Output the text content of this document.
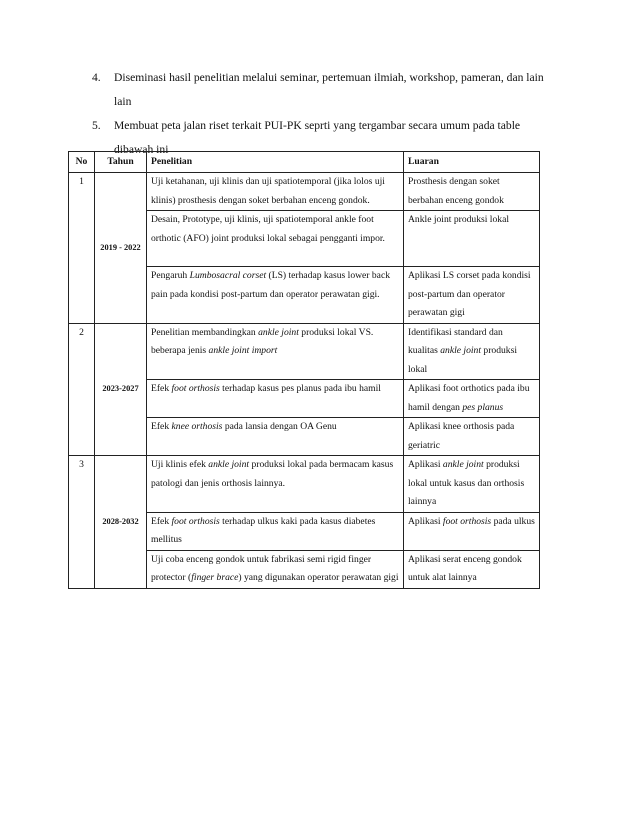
4.	Diseminasi hasil penelitian melalui seminar, pertemuan ilmiah, workshop, pameran, dan lain lain
5.	Membuat peta jalan riset terkait PUI-PK seprti yang tergambar secara umum pada table dibawah ini
No	Tahun	Penelitian	Luaran
1	2019 - 2022	Uji ketahanan, uji klinis dan uji spatiotemporal (jika lolos uji klinis) prosthesis dengan soket berbahan enceng gondok.	Prosthesis dengan soket berbahan enceng gondok
		Desain, Prototype, uji klinis, uji spatiotemporal ankle foot orthotic (AFO) joint produksi lokal sebagai pengganti impor.	Ankle joint produksi lokal
		Pengaruh Lumbosacral corset (LS) terhadap kasus lower back pain pada kondisi post-partum dan operator perawatan gigi.	Aplikasi LS corset pada kondisi post-partum dan operator perawatan gigi
2	2023-2027	Penelitian membandingkan ankle joint produksi lokal VS. beberapa jenis ankle joint import	Identifikasi standard dan kualitas ankle joint produksi lokal
		Efek foot orthosis terhadap kasus pes planus pada ibu hamil	Aplikasi foot orthotics pada ibu hamil dengan pes planus
		Efek knee orthosis pada lansia dengan OA Genu	Aplikasi knee orthosis pada geriatric
3	2028-2032	Uji klinis efek ankle joint produksi lokal pada bermacam kasus patologi dan jenis orthosis lainnya.	Aplikasi ankle joint produksi lokal untuk kasus dan orthosis lainnya
		Efek foot orthosis terhadap ulkus kaki pada kasus diabetes mellitus	Aplikasi foot orthosis pada ulkus
		Uji coba enceng gondok untuk fabrikasi semi rigid finger protector (finger brace) yang digunakan operator perawatan gigi	Aplikasi serat enceng gondok untuk alat lainnya
